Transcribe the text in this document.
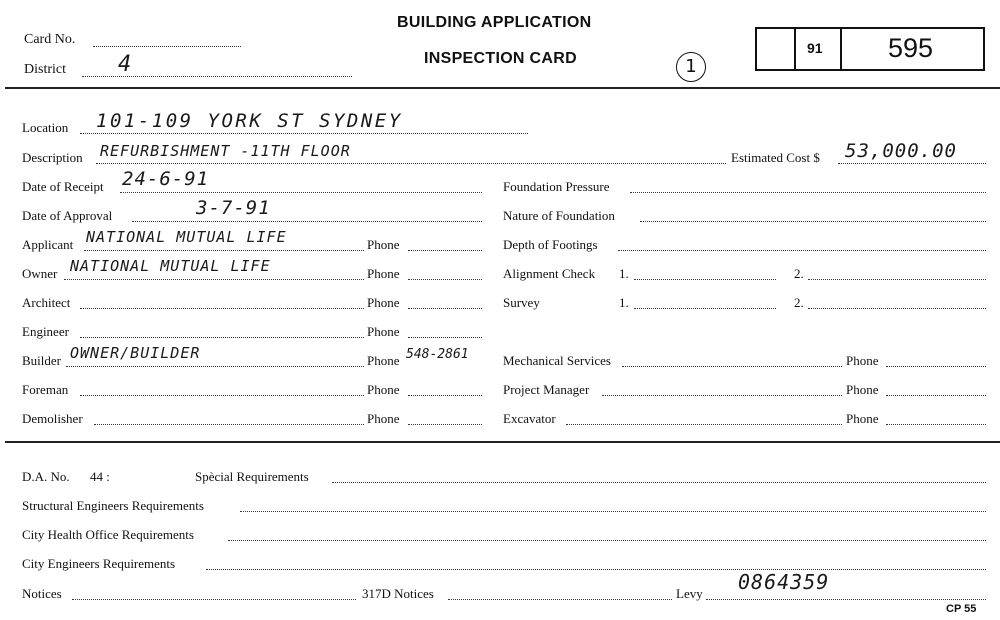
Card No.
District 4
BUILDING APPLICATION
INSPECTION CARD	1
91 595
Location 101-109 YORK ST SYDNEY
Description REFURBISHMENT -11TH FLOOR	Estimated Cost $ 53,000.00
Date of Receipt 24-6-91
Date of Approval	3-7-91
Applicant NATIONAL MUTUAL LIFE	Phone
Owner NATIONAL MUTUAL LIFE	Phone
Architect	Phone
Engineer	Phone
Builder OWNER/BUILDER	Phone 548-2861
Foreman	Phone
Demolisher	Phone
Foundation Pressure
Nature of Foundation
Depth of Footings
Alignment Check 1.	2.
Survey	1.	2.
Mechanical Services	Phone
Project Manager	Phone
Excavator	Phone
D.A. No. 44 :	Spècial Requirements
Structural Engineers Requirements
City Health Office Requirements
City Engineers Requirements
Notices	317D Notices	Levy 0864359
CP 55
